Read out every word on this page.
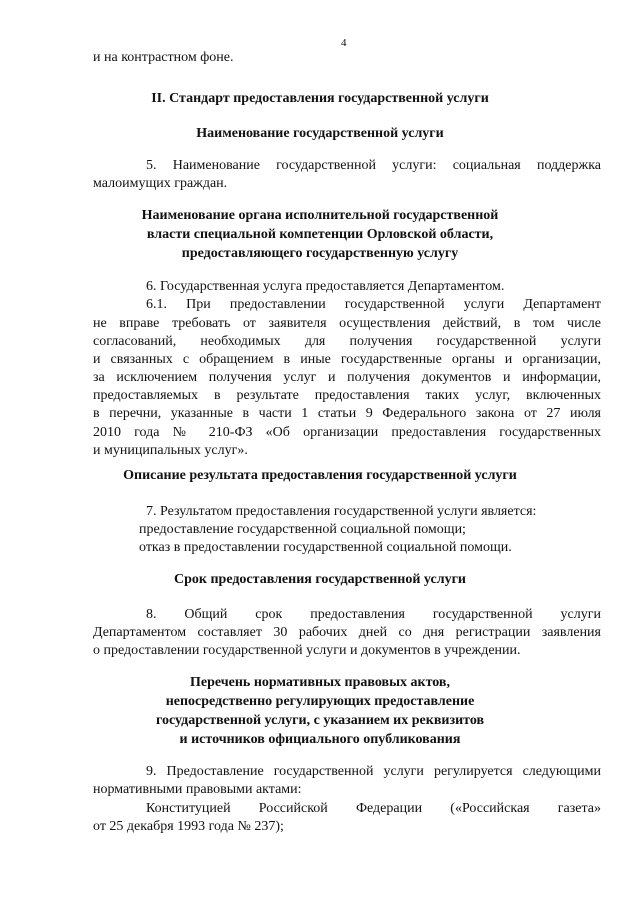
4
и на контрастном фоне.
II. Стандарт предоставления государственной услуги
Наименование государственной услуги
5. Наименование государственной услуги: социальная поддержка
малоимущих граждан.
Наименование органа исполнительной государственной
власти специальной компетенции Орловской области,
предоставляющего государственную услугу
6. Государственная услуга предоставляется Департаментом.
6.1. При предоставлении государственной услуги Департамент
не вправе требовать от заявителя осуществления действий, в том числе
согласований, необходимых для получения государственной услуги
и связанных с обращением в иные государственные органы и организации,
за исключением получения услуг и получения документов и информации,
предоставляемых в результате предоставления таких услуг, включенных
в перечни, указанные в части 1 статьи 9 Федерального закона от 27 июля
2010 года № 210-ФЗ «Об организации предоставления государственных
и муниципальных услуг».
Описание результата предоставления государственной услуги
7. Результатом предоставления государственной услуги является:
предоставление государственной социальной помощи;
отказ в предоставлении государственной социальной помощи.
Срок предоставления государственной услуги
8. Общий срок предоставления государственной услуги
Департаментом составляет 30 рабочих дней со дня регистрации заявления
о предоставлении государственной услуги и документов в учреждении.
Перечень нормативных правовых актов,
непосредственно регулирующих предоставление
государственной услуги, с указанием их реквизитов
и источников официального опубликования
9. Предоставление государственной услуги регулируется следующими
нормативными правовыми актами:
Конституцией Российской Федерации («Российская газета»
от 25 декабря 1993 года № 237);
